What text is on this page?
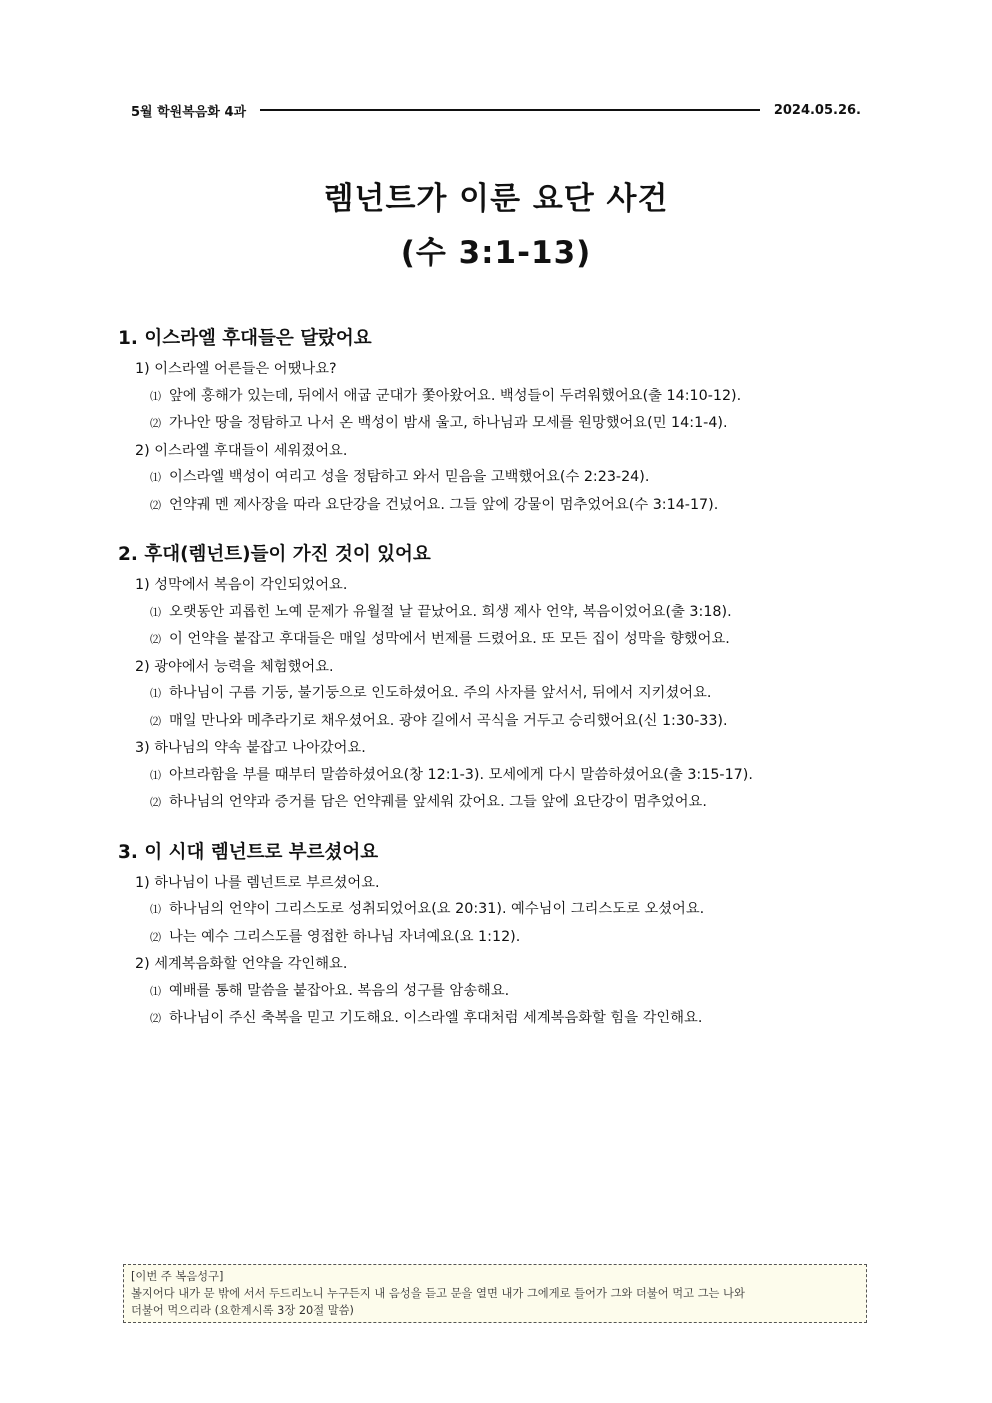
5월 학원복음화 4과	2024.05.26.
렘넌트가 이룬 요단 사건
(수 3:1-13)
1. 이스라엘 후대들은 달랐어요
1) 이스라엘 어른들은 어땠나요?
⑴ 앞에 홍해가 있는데, 뒤에서 애굽 군대가 쫓아왔어요. 백성들이 두려워했어요(출 14:10-12).
⑵ 가나안 땅을 정탐하고 나서 온 백성이 밤새 울고, 하나님과 모세를 원망했어요(민 14:1-4).
2) 이스라엘 후대들이 세워졌어요.
⑴ 이스라엘 백성이 여리고 성을 정탐하고 와서 믿음을 고백했어요(수 2:23-24).
⑵ 언약궤 멘 제사장을 따라 요단강을 건넜어요. 그들 앞에 강물이 멈추었어요(수 3:14-17).
2. 후대(렘넌트)들이 가진 것이 있어요
1) 성막에서 복음이 각인되었어요.
⑴ 오랫동안 괴롭힌 노예 문제가 유월절 날 끝났어요. 희생 제사 언약, 복음이었어요(출 3:18).
⑵ 이 언약을 붙잡고 후대들은 매일 성막에서 번제를 드렸어요. 또 모든 집이 성막을 향했어요.
2) 광야에서 능력을 체험했어요.
⑴ 하나님이 구름 기둥, 불기둥으로 인도하셨어요. 주의 사자를 앞서서, 뒤에서 지키셨어요.
⑵ 매일 만나와 메추라기로 채우셨어요. 광야 길에서 곡식을 거두고 승리했어요(신 1:30-33).
3) 하나님의 약속 붙잡고 나아갔어요.
⑴ 아브라함을 부를 때부터 말씀하셨어요(창 12:1-3). 모세에게 다시 말씀하셨어요(출 3:15-17).
⑵ 하나님의 언약과 증거를 담은 언약궤를 앞세워 갔어요. 그들 앞에 요단강이 멈추었어요.
3. 이 시대 렘넌트로 부르셨어요
1) 하나님이 나를 렘넌트로 부르셨어요.
⑴ 하나님의 언약이 그리스도로 성취되었어요(요 20:31). 예수님이 그리스도로 오셨어요.
⑵ 나는 예수 그리스도를 영접한 하나님 자녀예요(요 1:12).
2) 세계복음화할 언약을 각인해요.
⑴ 예배를 통해 말씀을 붙잡아요. 복음의 성구를 암송해요.
⑵ 하나님이 주신 축복을 믿고 기도해요. 이스라엘 후대처럼 세계복음화할 힘을 각인해요.
[이번 주 복음성구]
볼지어다 내가 문 밖에 서서 두드리노니 누구든지 내 음성을 듣고 문을 열면 내가 그에게로 들어가 그와 더불어 먹고 그는 나와
더불어 먹으리라 (요한계시록 3장 20절 말씀)
